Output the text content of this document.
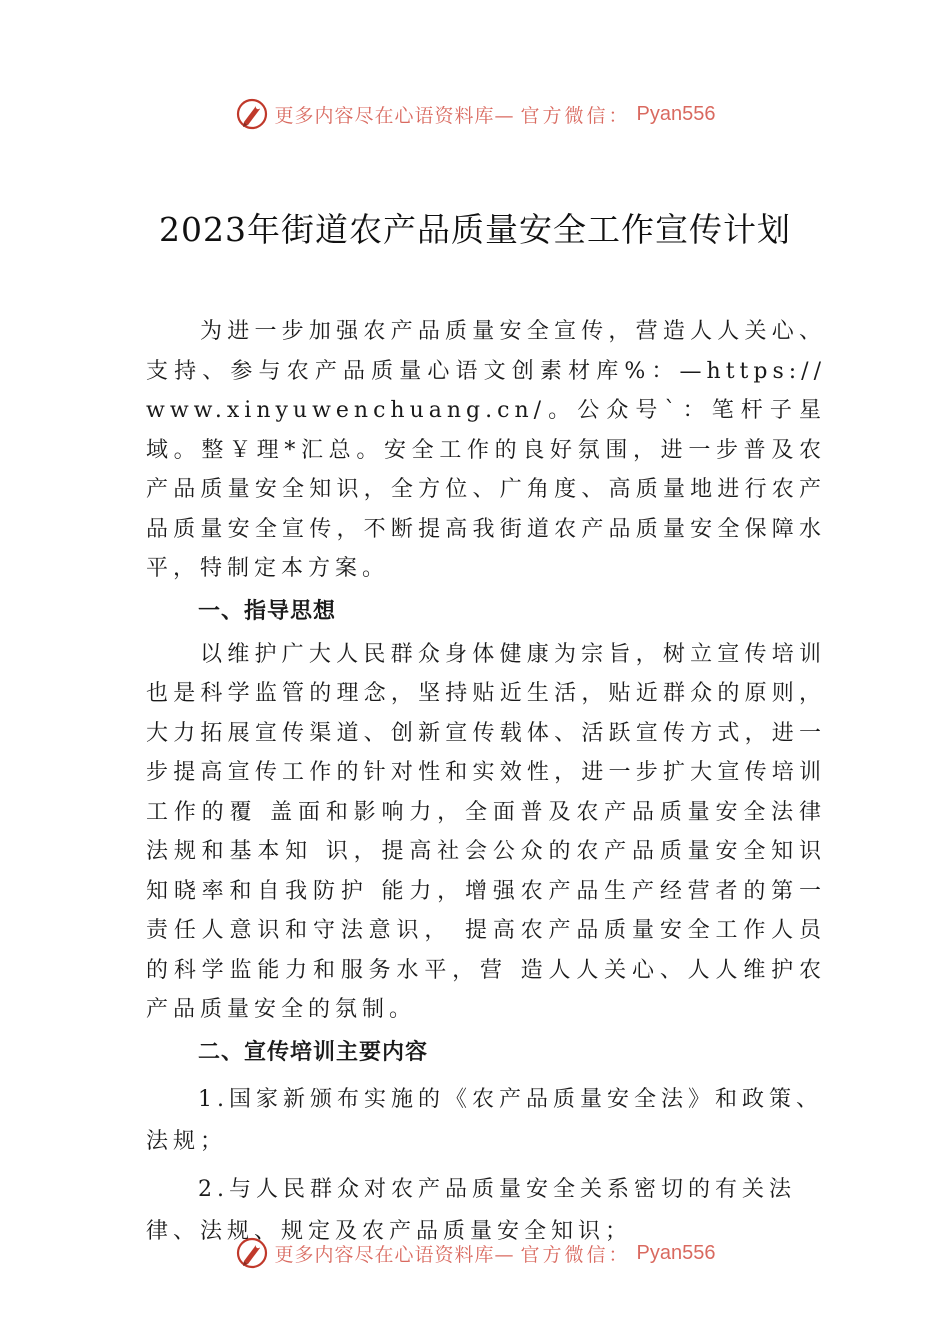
更多内容尽在心语资料库— 官方微信： Pyan556
2023年街道农产品质量安全工作宣传计划

为进一步加强农产品质量安全宣传，营造人人关心、支持、参与农产品质量心语文创素材库%：—https://www.xinyuwenchuang.cn/。公众号`：笔杆子星域。整￥理*汇总。安全工作的良好氛围，进一步普及农产品质量安全知识，全方位、广角度、高质量地进行农产品质量安全宣传，不断提高我街道农产品质量安全保障水平，特制定本方案。

一、指导思想

以维护广大人民群众身体健康为宗旨，树立宣传培训也是科学监管的理念，坚持贴近生活，贴近群众的原则，大力拓展宣传渠道、创新宣传载体、活跃宣传方式，进一步提高宣传工作的针对性和实效性，进一步扩大宣传培训工作的覆 盖面和影响力，全面普及农产品质量安全法律法规和基本知 识，提高社会公众的农产品质量安全知识知晓率和自我防护 能力，增强农产品生产经营者的第一责任人意识和守法意识， 提高农产品质量安全工作人员的科学监能力和服务水平，营 造人人关心、人人维护农产品质量安全的氛制。

二、宣传培训主要内容

1.国家新颁布实施的《农产品质量安全法》和政策、法规；

2.与人民群众对农产品质量安全关系密切的有关法律、法规、规定及农产品质量安全知识；

更多内容尽在心语资料库— 官方微信： Pyan556
